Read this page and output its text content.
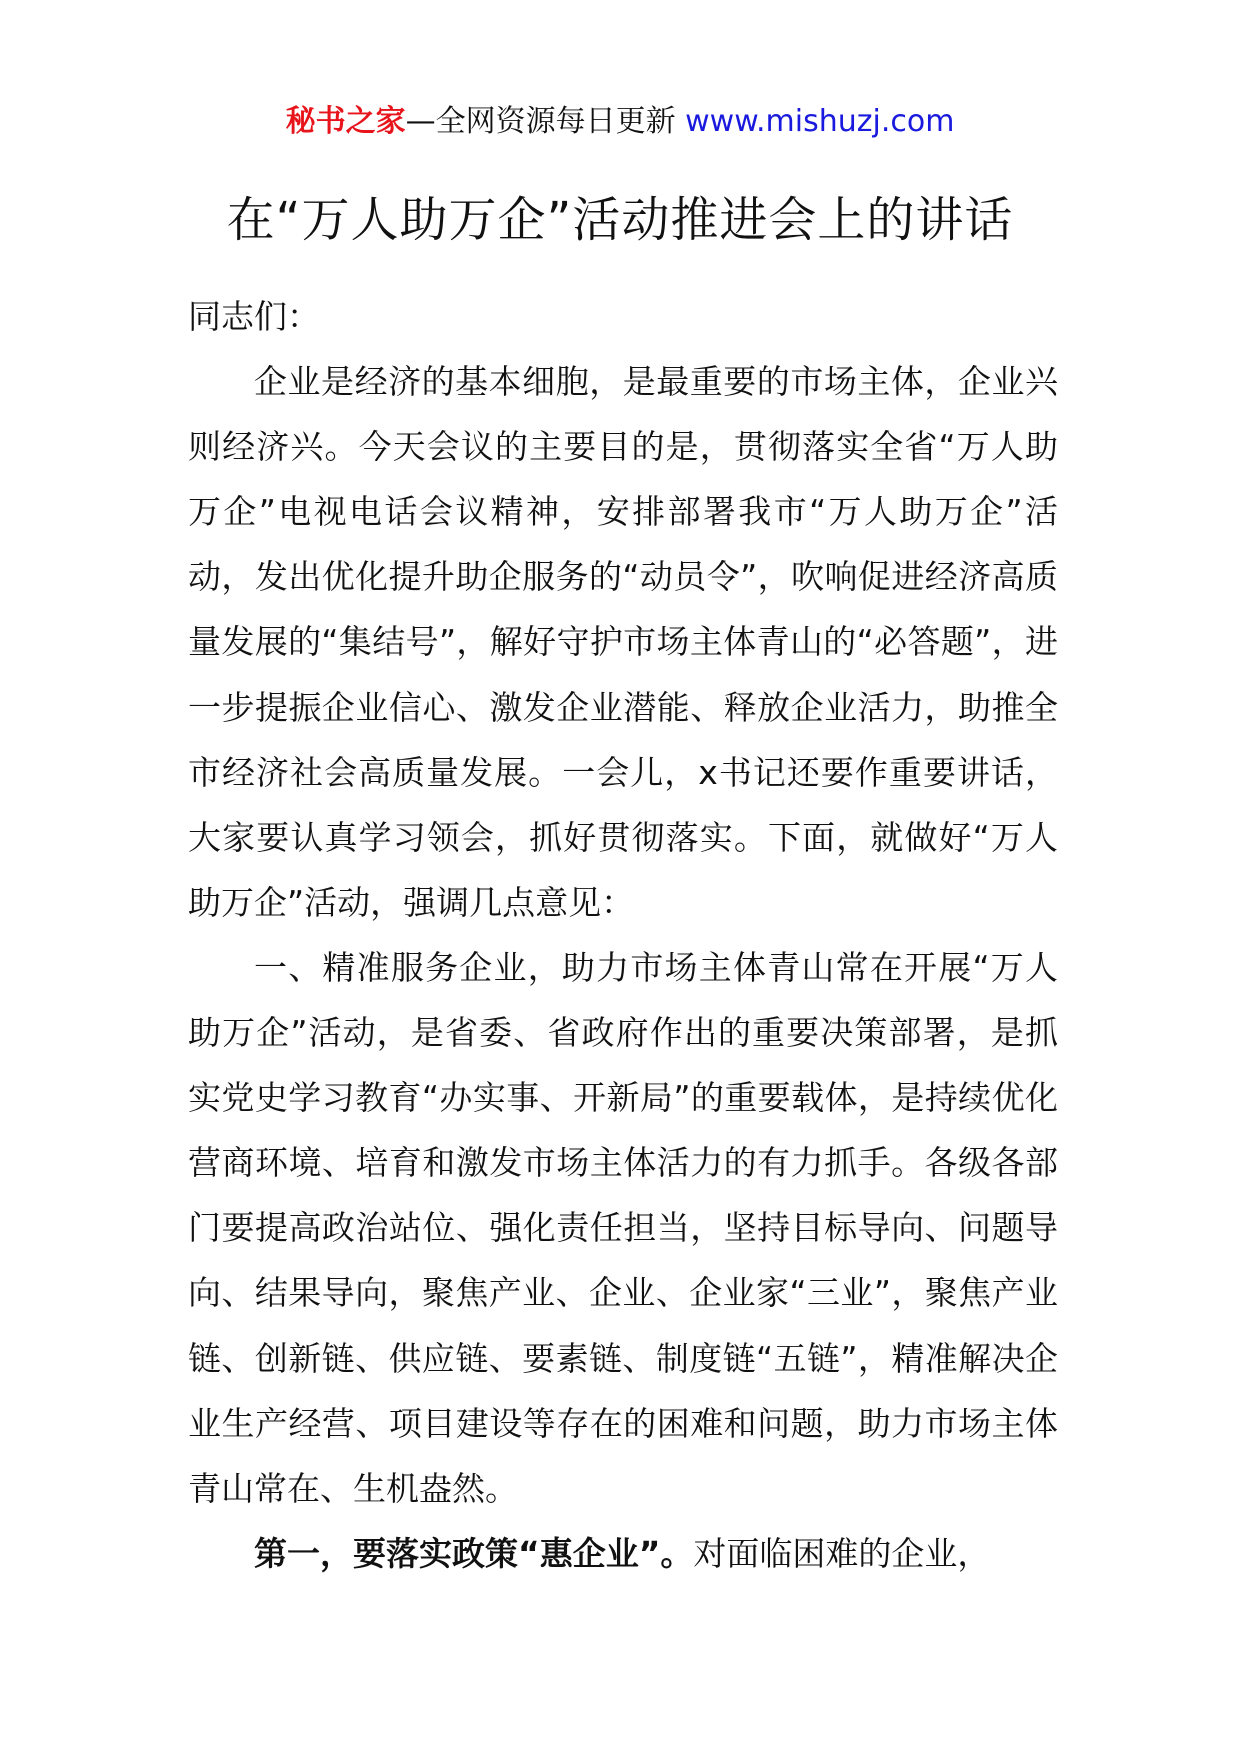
秘书之家—全网资源每日更新 www.mishuzj.com
在“万人助万企”活动推进会上的讲话

同志们：

企业是经济的基本细胞，是最重要的市场主体，企业兴则经济兴。今天会议的主要目的是，贯彻落实全省“万人助万企”电视电话会议精神，安排部署我市“万人助万企”活动，发出优化提升助企服务的“动员令”，吹响促进经济高质量发展的“集结号”，解好守护市场主体青山的“必答题”，进一步提振企业信心、激发企业潜能、释放企业活力，助推全市经济社会高质量发展。一会儿，x书记还要作重要讲话，大家要认真学习领会，抓好贯彻落实。下面，就做好“万人助万企”活动，强调几点意见：

一、精准服务企业，助力市场主体青山常在开展“万人助万企”活动，是省委、省政府作出的重要决策部署，是抓实党史学习教育“办实事、开新局”的重要载体，是持续优化营商环境、培育和激发市场主体活力的有力抓手。各级各部门要提高政治站位、强化责任担当，坚持目标导向、问题导向、结果导向，聚焦产业、企业、企业家“三业”，聚焦产业链、创新链、供应链、要素链、制度链“五链”，精准解决企业生产经营、项目建设等存在的困难和问题，助力市场主体青山常在、生机盎然。

第一，要落实政策“惠企业”。对面临困难的企业，
